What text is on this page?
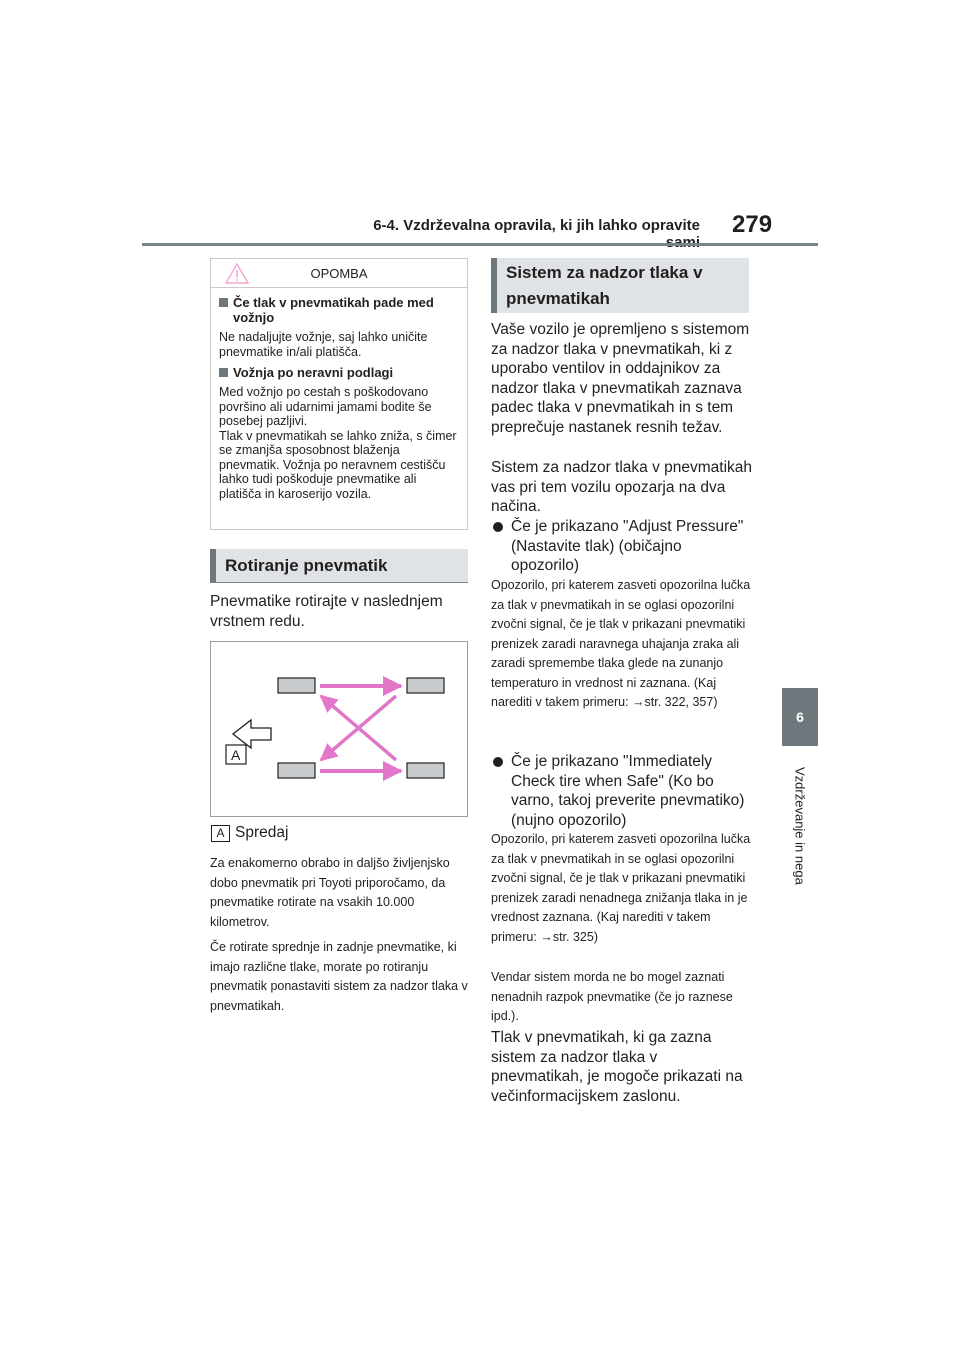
6-4. Vzdrževalna opravila, ki jih lahko opravite 279
6
Vzdrževanje in nega
OPOMBA
Če tlak v pnevmatikah pade med vožnjo
Ne nadaljujte vožnje, saj lahko uničite pnevmatike in/ali platišča.
Vožnja po neravni podlagi
Med vožnjo po cestah s poškodovano površino ali udarnimi jamami bodite še posebej pazljivi.
Tlak v pnevmatikah se lahko zniža, s čimer se zmanjša sposobnost blaženja pnevmatik. Vožnja po neravnem cestišču lahko tudi poškoduje pnevmatike ali platišča in karoserijo vozila.
Rotiranje pnevmatik
Pnevmatike rotirajte v naslednjem vrstnem redu.
A
A Spredaj
Za enakomerno obrabo in daljšo življenjsko dobo pnevmatik pri Toyoti priporočamo, da pnevmatike rotirate na vsakih 10.000 kilometrov.
Če rotirate sprednje in zadnje pnevmatike, ki imajo različne tlake, morate po rotiranju pnevmatik ponastaviti sistem za nadzor tlaka v pnevmatikah.
Sistem za nadzor tlaka v pnevmatikah
Vaše vozilo je opremljeno s sistemom za nadzor tlaka v pnevmatikah, ki z uporabo ventilov in oddajnikov za nadzor tlaka v pnevmatikah zaznava padec tlaka v pnevmatikah in s tem preprečuje nastanek resnih težav.
Sistem za nadzor tlaka v pnevmatikah vas pri tem vozilu opozarja na dva načina.
Če je prikazano "Adjust Pressure" (Nastavite tlak) (običajno opozorilo)
Opozorilo, pri katerem zasveti opozorilna lučka za tlak v pnevmatikah in se oglasi opozorilni zvočni signal, če je tlak v prikazani pnevmatiki prenizek zaradi naravnega uhajanja zraka ali zaradi spremembe tlaka glede na zunanjo temperaturo in vrednost ni zaznana. (Kaj narediti v takem primeru: →str. 322, 357)
Če je prikazano "Immediately Check tire when Safe" (Ko bo varno, takoj preverite pnevmatiko) (nujno opozorilo)
Opozorilo, pri katerem zasveti opozorilna lučka za tlak v pnevmatikah in se oglasi opozorilni zvočni signal, če je tlak v prikazani pnevmatiki prenizek zaradi nenadnega znižanja tlaka in je vrednost zaznana. (Kaj narediti v takem primeru: →str. 325)
Vendar sistem morda ne bo mogel zaznati nenadnih razpok pnevmatike (če jo raznese ipd.).
Tlak v pnevmatikah, ki ga zazna sistem za nadzor tlaka v pnevmatikah, je mogoče prikazati na večinformacijskem zaslonu.
